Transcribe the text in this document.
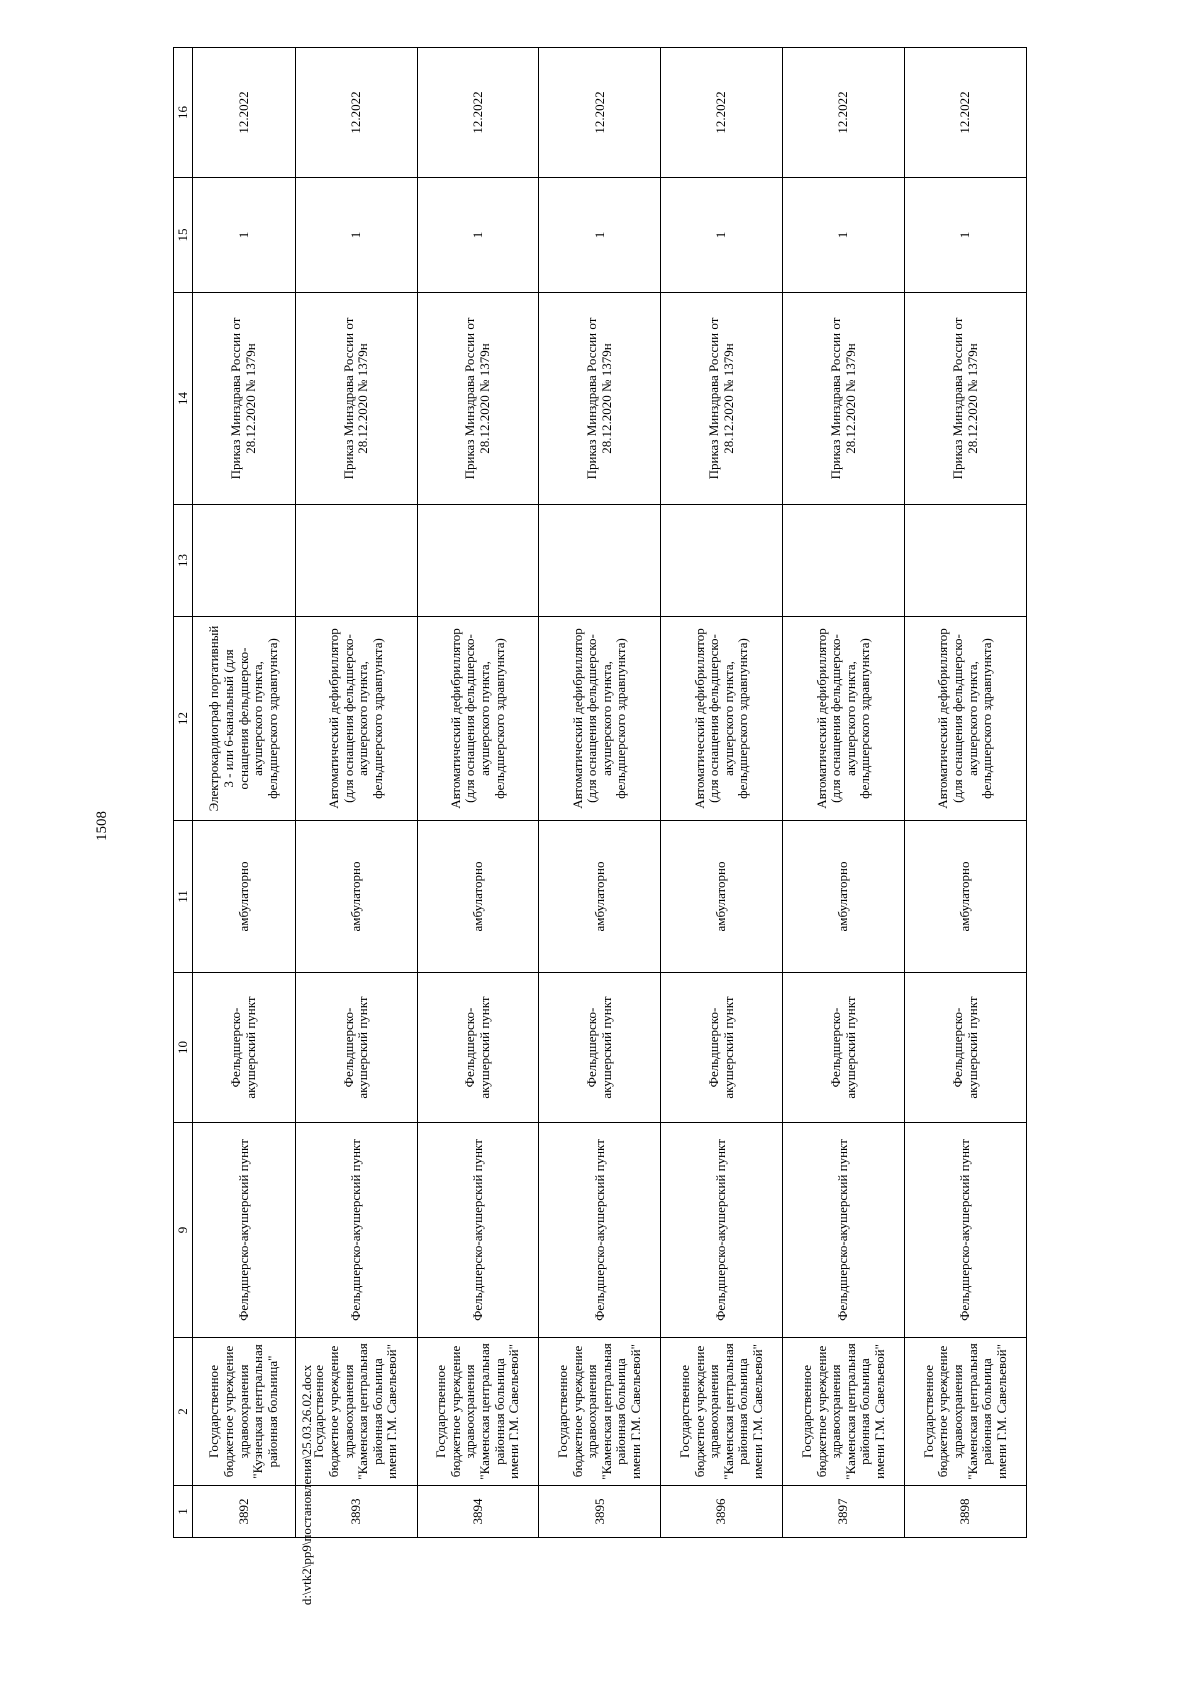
1508
1	2	9	10	11	12	13	14	15	16
3892	Государственное бюджетное учреждение здравоохранения "Кузнецкая центральная районная больница"	Фельдшерско-акушерский пункт	Фельдшерско-акушерский пункт	амбулаторно	Электрокардиограф портативный 3 - или 6-канальный (для оснащения фельдшерско-акушерского пункта, фельдшерского здравпункта)		Приказ Минздрава России от 28.12.2020 № 1379н	1	12.2022
3893	Государственное бюджетное учреждение здравоохранения "Каменская центральная районная больница имени Г.М. Савельевой"	Фельдшерско-акушерский пункт	Фельдшерско-акушерский пункт	амбулаторно	Автоматический дефибриллятор (для оснащения фельдшерско-акушерского пункта, фельдшерского здравпункта)		Приказ Минздрава России от 28.12.2020 № 1379н	1	12.2022
3894	Государственное бюджетное учреждение здравоохранения "Каменская центральная районная больница имени Г.М. Савельевой"	Фельдшерско-акушерский пункт	Фельдшерско-акушерский пункт	амбулаторно	Автоматический дефибриллятор (для оснащения фельдшерско-акушерского пункта, фельдшерского здравпункта)		Приказ Минздрава России от 28.12.2020 № 1379н	1	12.2022
3895	Государственное бюджетное учреждение здравоохранения "Каменская центральная районная больница имени Г.М. Савельевой"	Фельдшерско-акушерский пункт	Фельдшерско-акушерский пункт	амбулаторно	Автоматический дефибриллятор (для оснащения фельдшерско-акушерского пункта, фельдшерского здравпункта)		Приказ Минздрава России от 28.12.2020 № 1379н	1	12.2022
3896	Государственное бюджетное учреждение здравоохранения "Каменская центральная районная больница имени Г.М. Савельевой"	Фельдшерско-акушерский пункт	Фельдшерско-акушерский пункт	амбулаторно	Автоматический дефибриллятор (для оснащения фельдшерско-акушерского пункта, фельдшерского здравпункта)		Приказ Минздрава России от 28.12.2020 № 1379н	1	12.2022
3897	Государственное бюджетное учреждение здравоохранения "Каменская центральная районная больница имени Г.М. Савельевой"	Фельдшерско-акушерский пункт	Фельдшерско-акушерский пункт	амбулаторно	Автоматический дефибриллятор (для оснащения фельдшерско-акушерского пункта, фельдшерского здравпункта)		Приказ Минздрава России от 28.12.2020 № 1379н	1	12.2022
3898	Государственное бюджетное учреждение здравоохранения "Каменская центральная районная больница имени Г.М. Савельевой"	Фельдшерско-акушерский пункт	Фельдшерско-акушерский пункт	амбулаторно	Автоматический дефибриллятор (для оснащения фельдшерско-акушерского пункта, фельдшерского здравпункта)		Приказ Минздрава России от 28.12.2020 № 1379н	1	12.2022
d:\vtk2\pp9\постановления\25.03.26.02.docx
